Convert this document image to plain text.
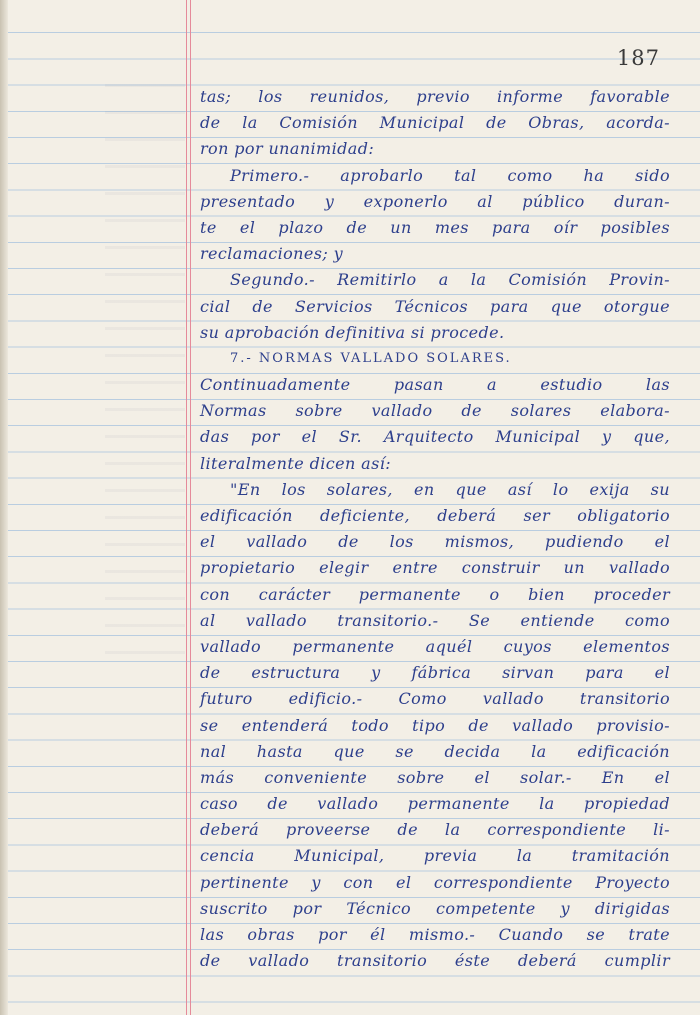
187
tas; los reunidos, previo informe favorable
de la Comisión Municipal de Obras, acorda-
ron por unanimidad:
Primero.- aprobarlo tal como ha sido
presentado y exponerlo al público duran-
te el plazo de un mes para oír posibles
reclamaciones; y
Segundo.- Remitirlo a la Comisión Provin-
cial de Servicios Técnicos para que otorgue
su aprobación definitiva si procede.
7.- NORMAS VALLADO SOLARES.
Continuadamente pasan a estudio las
Normas sobre vallado de solares elabora-
das por el Sr. Arquitecto Municipal y que,
literalmente dicen así:
"En los solares, en que así lo exija su
edificación deficiente, deberá ser obligatorio
el vallado de los mismos, pudiendo el
propietario elegir entre construir un vallado
con carácter permanente o bien proceder
al vallado transitorio.- Se entiende como
vallado permanente aquél cuyos elementos
de estructura y fábrica sirvan para el
futuro edificio.- Como vallado transitorio
se entenderá todo tipo de vallado provisio-
nal hasta que se decida la edificación
más conveniente sobre el solar.- En el
caso de vallado permanente la propiedad
deberá proveerse de la correspondiente li-
cencia Municipal, previa la tramitación
pertinente y con el correspondiente Proyecto
suscrito por Técnico competente y dirigidas
las obras por él mismo.- Cuando se trate
de vallado transitorio éste deberá cumplir
